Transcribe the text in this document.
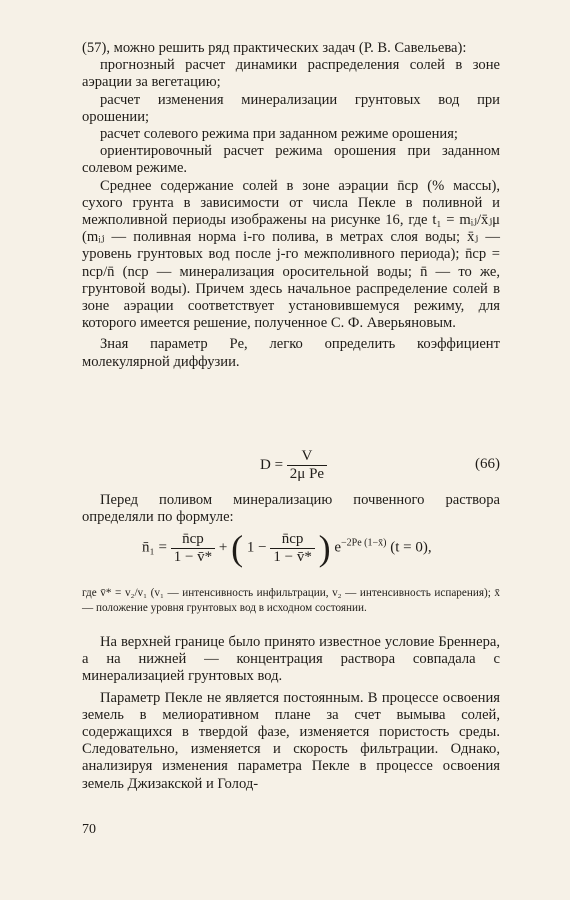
(57), можно решить ряд практических задач (Р. В. Савельева):

прогнозный расчет динамики распределения солей в зоне аэрации за вегетацию;

расчет изменения минерализации грунтовых вод при орошении;

расчет солевого режима при заданном режиме орошения;

ориентировочный расчет режима орошения при заданном солевом режиме.

Среднее содержание солей в зоне аэрации n̄ср (% массы), сухого грунта в зависимости от числа Пекле в поливной и межполивной периоды изображены на рисунке 16, где t₁ = mᵢⱼ/x̄ⱼμ (mᵢⱼ — поливная норма i-го полива, в метрах слоя воды; x̄ⱼ — уровень грунтовых вод после j-го межполивного периода); n̄ср = nср/n̄ (nср — минерализация оросительной воды; n̄ — то же, грунтовой воды). Причем здесь начальное распределение солей в зоне аэрации соответствует установившемуся режиму, для которого имеется решение, полученное С. Ф. Аверьяновым.

Зная параметр Pe, легко определить коэффициент молекулярной диффузии.

$D = \frac{V}{\text{2μ Pe}}$	(66)

Перед поливом минерализацию почвенного раствора определяли по формуле:

n̄₁ = $\frac{n̄ср}{1 - v̄*}$ + ( $1 - \frac{n̄ср}{1 - v̄*}$ ) $e^{-2Pe (1-x̄)}$ (t = 0),

где v̄* = v₂/v₁ (v₁ — интенсивность инфильтрации, v₂ — интенсивность испарения); x̄ — положение уровня грунтовых вод в исходном состоянии.

На верхней границе было принято известное условие Бреннера, а на нижней — концентрация раствора совпадала с минерализацией грунтовых вод.

Параметр Пекле не является постоянным. В процессе освоения земель в мелиоративном плане за счет вымыва солей, содержащихся в твердой фазе, изменяется пористость среды. Следовательно, изменяется и скорость фильтрации. Однако, анализируя изменения параметра Пекле в процессе освоения земель Джизакской и Голод-

70
